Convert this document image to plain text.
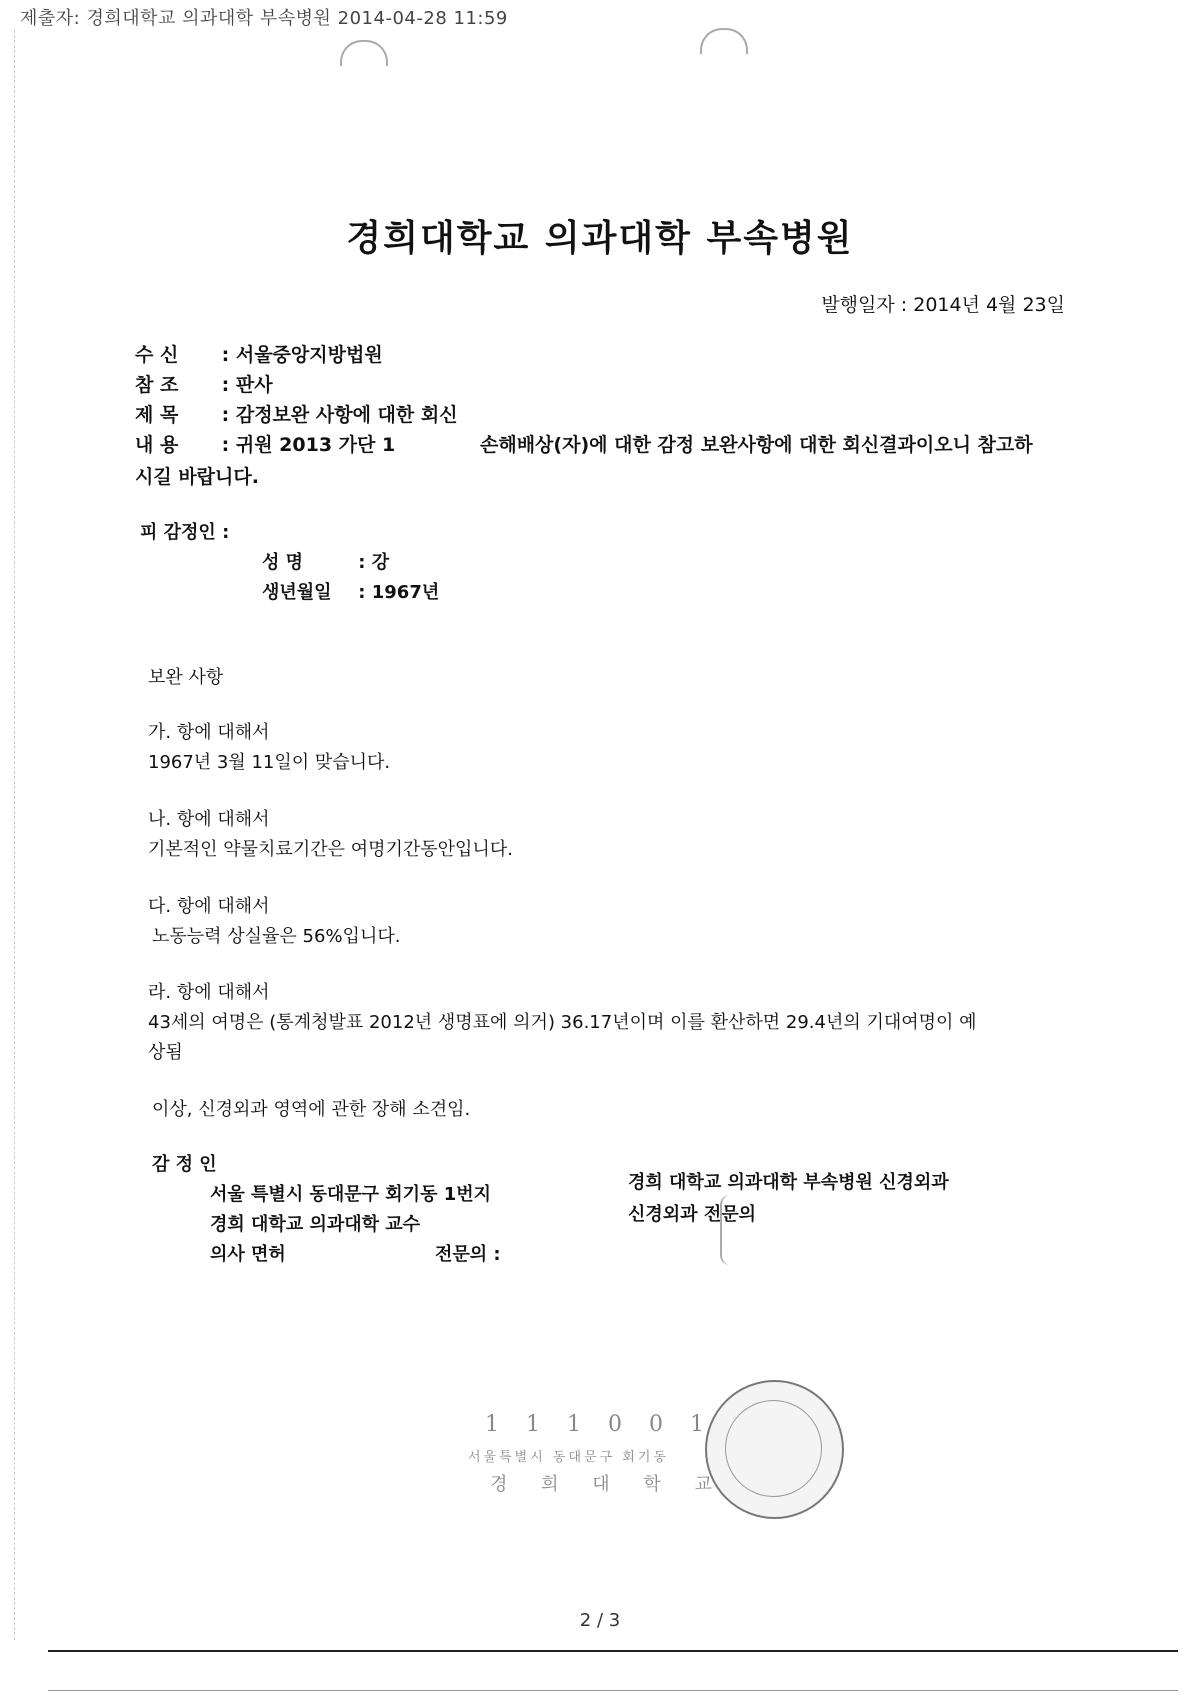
제출자: 경희대학교 의과대학 부속병원 2014-04-28 11:59
경희대학교 의과대학 부속병원
발행일자 : 2014년 4월 23일
수 신 : 서울중앙지방법원
참 조 : 판사
제 목 : 감정보완 사항에 대한 회신
내 용 : 귀원 2013 가단 1	손해배상(자)에 대한 감정 보완사항에 대한 회신결과이오니 참고하
시길 바랍니다.
피 감정인 :
성 명	: 강
생년월일 : 1967년
보완 사항
가. 항에 대해서
1967년 3월 11일이 맞습니다.
나. 항에 대해서
기본적인 약물치료기간은 여명기간동안입니다.
다. 항에 대해서
노동능력 상실율은 56%입니다.
라. 항에 대해서
43세의 여명은 (통계청발표 2012년 생명표에 의거) 36.17년이며 이를 환산하면 29.4년의 기대여명이 예
상됨
이상, 신경외과 영역에 관한 장해 소견임.
감 정 인
서울 특별시 동대문구 회기동 1번지
경희 대학교 의과대학 교수
의사 면허	전문의 :
경희 대학교 의과대학 부속병원 신경외과
신경외과 전문의
1 1 1 0 0 1
서울특별시 동대문구 회기동
경 희 대 학 교
2 / 3
